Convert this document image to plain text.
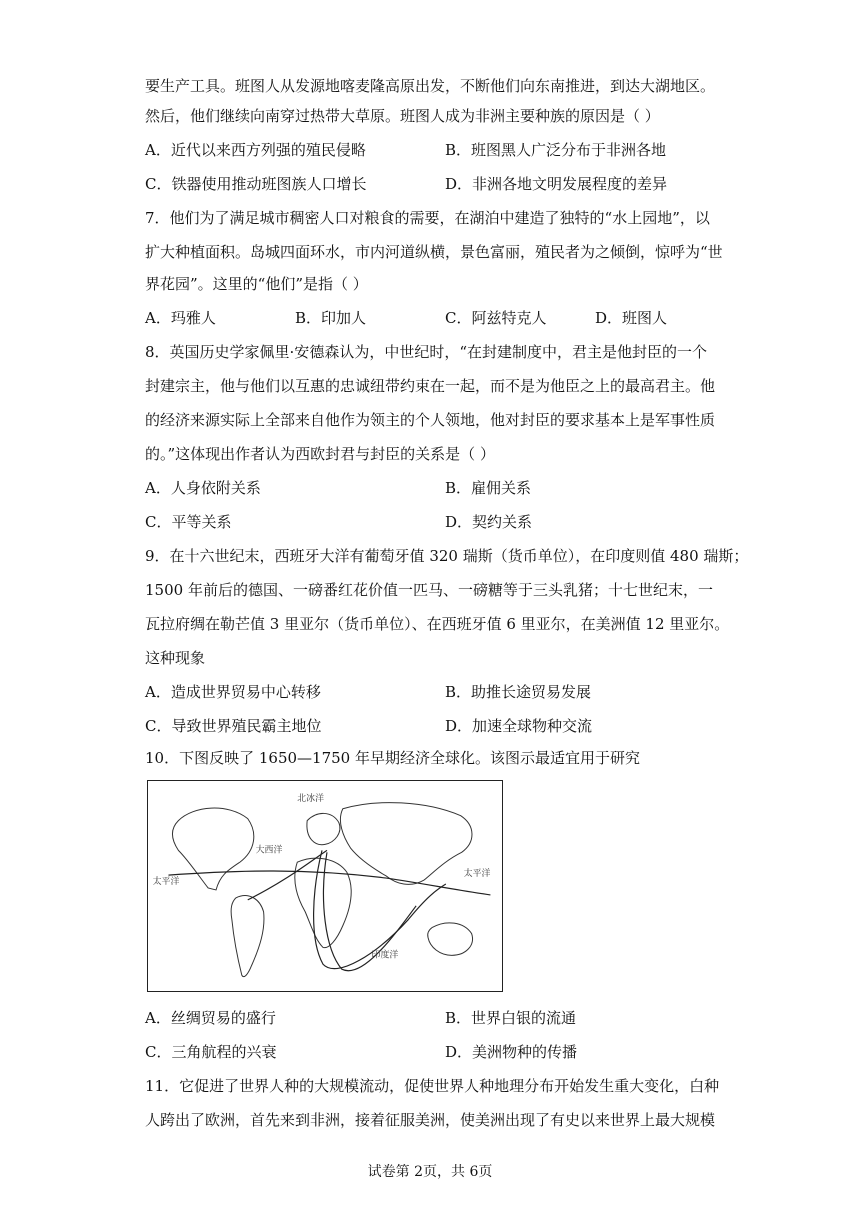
要生产工具。班图人从发源地喀麦隆高原出发，不断他们向东南推进，到达大湖地区。
然后，他们继续向南穿过热带大草原。班图人成为非洲主要种族的原因是（ ）
A．近代以来西方列强的殖民侵略	B．班图黑人广泛分布于非洲各地
C．铁器使用推动班图族人口增长	D．非洲各地文明发展程度的差异
7．他们为了满足城市稠密人口对粮食的需要，在湖泊中建造了独特的“水上园地”，以
扩大种植面积。岛城四面环水，市内河道纵横，景色富丽，殖民者为之倾倒，惊呼为“世
界花园”。这里的“他们”是指（ ）
A．玛雅人	B．印加人	C．阿兹特克人	D．班图人
8．英国历史学家佩里·安德森认为，中世纪时，“在封建制度中，君主是他封臣的一个
封建宗主，他与他们以互惠的忠诚纽带约束在一起，而不是为他臣之上的最高君主。他
的经济来源实际上全部来自他作为领主的个人领地，他对封臣的要求基本上是军事性质
的。”这体现出作者认为西欧封君与封臣的关系是（ ）
A．人身依附关系	B．雇佣关系
C．平等关系	D．契约关系
9．在十六世纪末，西班牙大洋有葡萄牙值 320 瑞斯（货币单位），在印度则值 480 瑞斯；
1500 年前后的德国、一磅番红花价值一匹马、一磅糖等于三头乳猪；十七世纪末，一
瓦拉府绸在勒芒值 3 里亚尔（货币单位）、在西班牙值 6 里亚尔，在美洲值 12 里亚尔。
这种现象
A．造成世界贸易中心转移	B．助推长途贸易发展
C．导致世界殖民霸主地位	D．加速全球物种交流
10．下图反映了 1650—1750 年早期经济全球化。该图示最适宜用于研究
北冰洋
大西洋
太平洋
太平洋
印度洋
A．丝绸贸易的盛行	B．世界白银的流通
C．三角航程的兴衰	D．美洲物种的传播
11．它促进了世界人种的大规模流动，促使世界人种地理分布开始发生重大变化，白种
人跨出了欧洲，首先来到非洲，接着征服美洲，使美洲出现了有史以来世界上最大规模
试卷第 2页，共 6页
